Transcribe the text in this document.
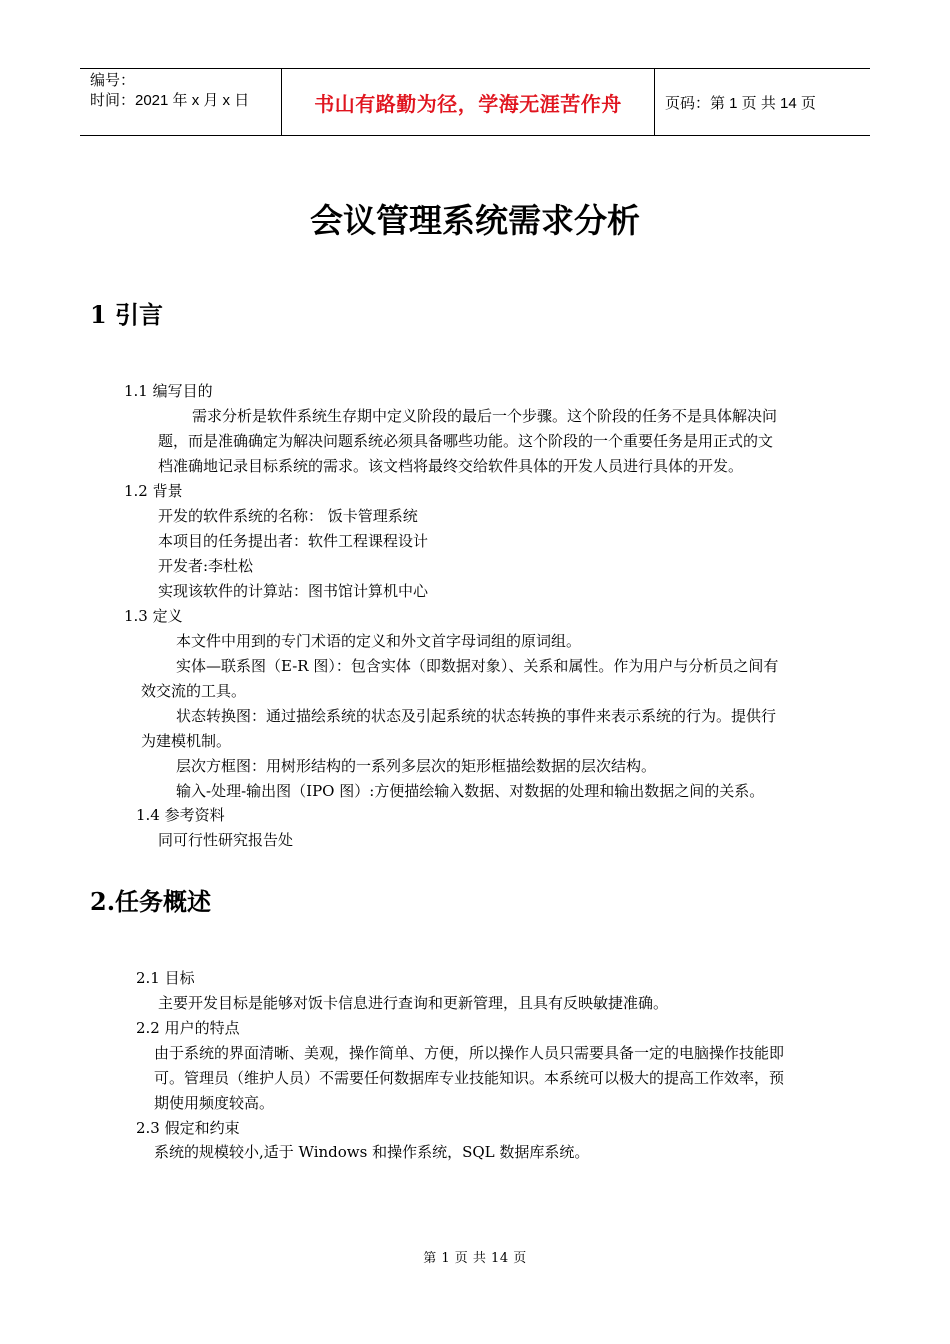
编号：
时间：2021 年 x 月 x 日	书山有路勤为径，学海无涯苦作舟	页码：第 1 页 共 14 页
会议管理系统需求分析
1 引言
1.1 编写目的
需求分析是软件系统生存期中定义阶段的最后一个步骤。这个阶段的任务不是具体解决问
题，而是准确确定为解决问题系统必须具备哪些功能。这个阶段的一个重要任务是用正式的文
档准确地记录目标系统的需求。该文档将最终交给软件具体的开发人员进行具体的开发。
1.2 背景
开发的软件系统的名称： 饭卡管理系统
本项目的任务提出者：软件工程课程设计
开发者:李杜松
实现该软件的计算站：图书馆计算机中心
1.3 定义
本文件中用到的专门术语的定义和外文首字母词组的原词组。
实体—联系图（E-R 图）：包含实体（即数据对象）、关系和属性。作为用户与分析员之间有
效交流的工具。
状态转换图：通过描绘系统的状态及引起系统的状态转换的事件来表示系统的行为。提供行
为建模机制。
层次方框图：用树形结构的一系列多层次的矩形框描绘数据的层次结构。
输入-处理-输出图（IPO 图）:方便描绘输入数据、对数据的处理和输出数据之间的关系。
1.4 参考资料
同可行性研究报告处
2.任务概述
2.1 目标
主要开发目标是能够对饭卡信息进行查询和更新管理，且具有反映敏捷准确。
2.2 用户的特点
由于系统的界面清晰、美观，操作简单、方便，所以操作人员只需要具备一定的电脑操作技能即
可。管理员（维护人员）不需要任何数据库专业技能知识。本系统可以极大的提高工作效率，预
期使用频度较高。
2.3 假定和约束
系统的规模较小,适于 Windows 和操作系统，SQL 数据库系统。
第 1 页 共 14 页
